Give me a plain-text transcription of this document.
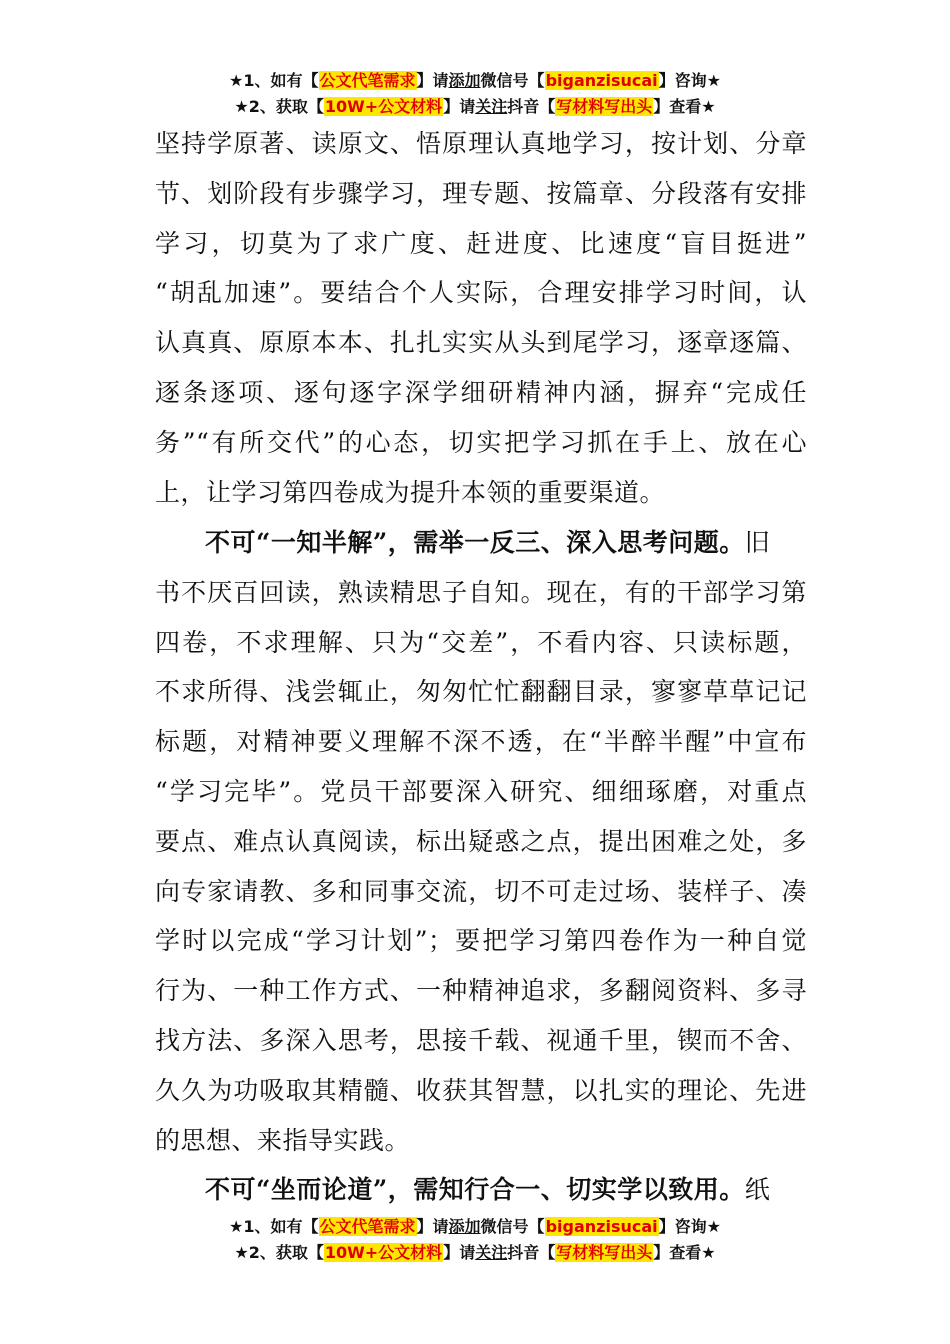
★1、如有【公文代笔需求】请添加微信号【biganzisucai】咨询★
★2、获取【10W+公文材料】请关注抖音【写材料写出头】查看★
坚持学原著、读原文、悟原理认真地学习，按计划、分章
节、划阶段有步骤学习，理专题、按篇章、分段落有安排
学习，切莫为了求广度、赶进度、比速度“盲目挺进”
“胡乱加速”。要结合个人实际，合理安排学习时间，认
认真真、原原本本、扎扎实实从头到尾学习，逐章逐篇、
逐条逐项、逐句逐字深学细研精神内涵，摒弃“完成任
务”“有所交代”的心态，切实把学习抓在手上、放在心
上，让学习第四卷成为提升本领的重要渠道。
不可“一知半解”，需举一反三、深入思考问题。旧
书不厌百回读，熟读精思子自知。现在，有的干部学习第
四卷，不求理解、只为“交差”，不看内容、只读标题，
不求所得、浅尝辄止，匆匆忙忙翻翻目录，寥寥草草记记
标题，对精神要义理解不深不透，在“半醉半醒”中宣布
“学习完毕”。党员干部要深入研究、细细琢磨，对重点
要点、难点认真阅读，标出疑惑之点，提出困难之处，多
向专家请教、多和同事交流，切不可走过场、装样子、凑
学时以完成“学习计划”；要把学习第四卷作为一种自觉
行为、一种工作方式、一种精神追求，多翻阅资料、多寻
找方法、多深入思考，思接千载、视通千里，锲而不舍、
久久为功吸取其精髓、收获其智慧，以扎实的理论、先进
的思想、来指导实践。
不可“坐而论道”，需知行合一、切实学以致用。纸
★1、如有【公文代笔需求】请添加微信号【biganzisucai】咨询★
★2、获取【10W+公文材料】请关注抖音【写材料写出头】查看★
